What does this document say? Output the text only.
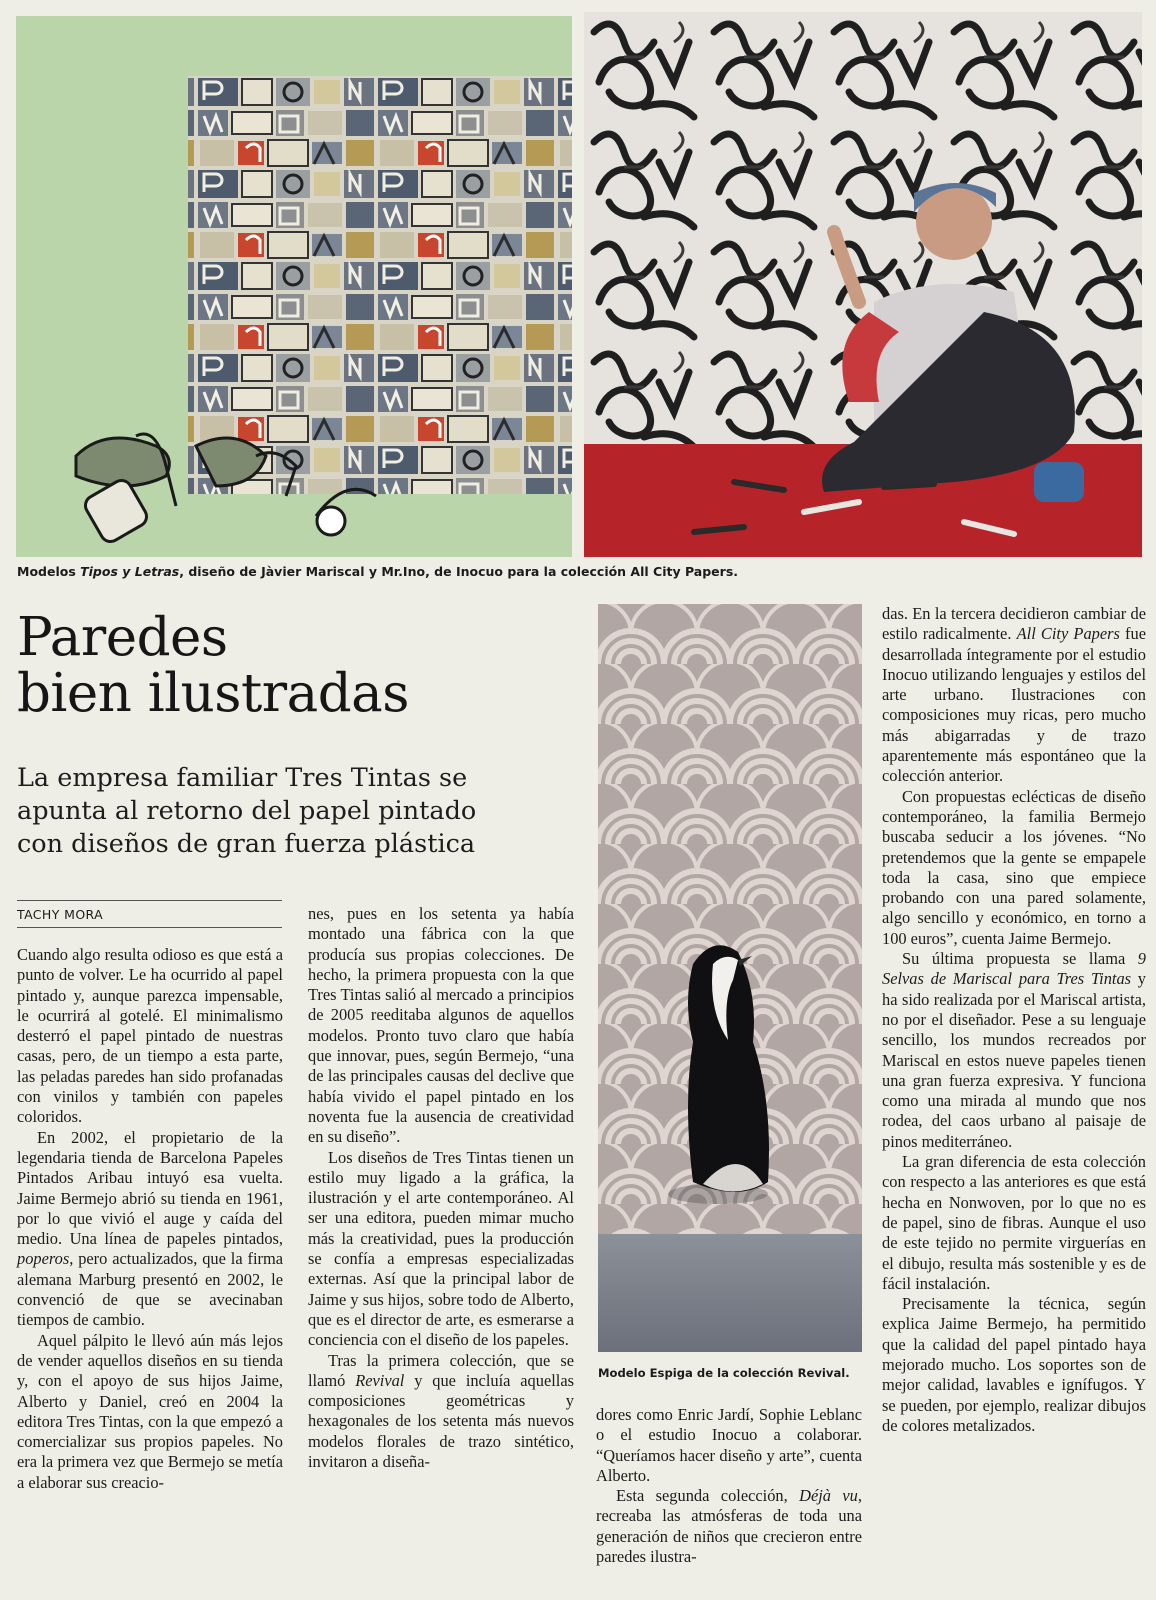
Modelos Tipos y Letras, diseño de Jàvier Mariscal y Mr.Ino, de Inocuo para la colección All City Papers.
Paredes
bien ilustradas
La empresa familiar Tres Tintas se
apunta al retorno del papel pintado
con diseños de gran fuerza plástica
TACHY MORA

Cuando algo resulta odioso es que está a punto de volver. Le ha ocurrido al papel pintado y, aunque parezca impensable, le ocurrirá al gotelé. El minimalismo desterró el papel pintado de nuestras casas, pero, de un tiempo a esta parte, las peladas paredes han sido profanadas con vinilos y también con papeles coloridos.

En 2002, el propietario de la legendaria tienda de Barcelona Papeles Pintados Aribau intuyó esa vuelta. Jaime Bermejo abrió su tienda en 1961, por lo que vivió el auge y caída del medio. Una línea de papeles pintados, poperos, pero actualizados, que la firma alemana Marburg presentó en 2002, le convenció de que se avecinaban tiempos de cambio.

Aquel pálpito le llevó aún más lejos de vender aquellos diseños en su tienda y, con el apoyo de sus hijos Jaime, Alberto y Daniel, creó en 2004 la editora Tres Tintas, con la que empezó a comercializar sus propios papeles. No era la primera vez que Bermejo se metía a elaborar sus creacio-

nes, pues en los setenta ya había montado una fábrica con la que producía sus propias colecciones. De hecho, la primera propuesta con la que Tres Tintas salió al mercado a principios de 2005 reeditaba algunos de aquellos modelos. Pronto tuvo claro que había que innovar, pues, según Bermejo, “una de las principales causas del declive que había vivido el papel pintado en los noventa fue la ausencia de creatividad en su diseño”.

Los diseños de Tres Tintas tienen un estilo muy ligado a la gráfica, la ilustración y el arte contemporáneo. Al ser una editora, pueden mimar mucho más la creatividad, pues la producción se confía a empresas especializadas externas. Así que la principal labor de Jaime y sus hijos, sobre todo de Alberto, que es el director de arte, es esmerarse a conciencia con el diseño de los papeles.

Tras la primera colección, que se llamó Revival y que incluía aquellas composiciones geométricas y hexagonales de los setenta más nuevos modelos florales de trazo sintético, invitaron a diseña-

Modelo Espiga de la colección Revival.

dores como Enric Jardí, Sophie Leblanc o el estudio Inocuo a colaborar. “Queríamos hacer diseño y arte”, cuenta Alberto.

Esta segunda colección, Déjà vu, recreaba las atmósferas de toda una generación de niños que crecieron entre paredes ilustra-

das. En la tercera decidieron cambiar de estilo radicalmente. All City Papers fue desarrollada íntegramente por el estudio Inocuo utilizando lenguajes y estilos del arte urbano. Ilustraciones con composiciones muy ricas, pero mucho más abigarradas y de trazo aparentemente más espontáneo que la colección anterior.

Con propuestas eclécticas de diseño contemporáneo, la familia Bermejo buscaba seducir a los jóvenes. “No pretendemos que la gente se empapele toda la casa, sino que empiece probando con una pared solamente, algo sencillo y económico, en torno a 100 euros”, cuenta Jaime Bermejo.

Su última propuesta se llama 9 Selvas de Mariscal para Tres Tintas y ha sido realizada por el Mariscal artista, no por el diseñador. Pese a su lenguaje sencillo, los mundos recreados por Mariscal en estos nueve papeles tienen una gran fuerza expresiva. Y funciona como una mirada al mundo que nos rodea, del caos urbano al paisaje de pinos mediterráneo.

La gran diferencia de esta colección con respecto a las anteriores es que está hecha en Nonwoven, por lo que no es de papel, sino de fibras. Aunque el uso de este tejido no permite virguerías en el dibujo, resulta más sostenible y es de fácil instalación.

Precisamente la técnica, según explica Jaime Bermejo, ha permitido que la calidad del papel pintado haya mejorado mucho. Los soportes son de mejor calidad, lavables e ignífugos. Y se pueden, por ejemplo, realizar dibujos de colores metalizados.
